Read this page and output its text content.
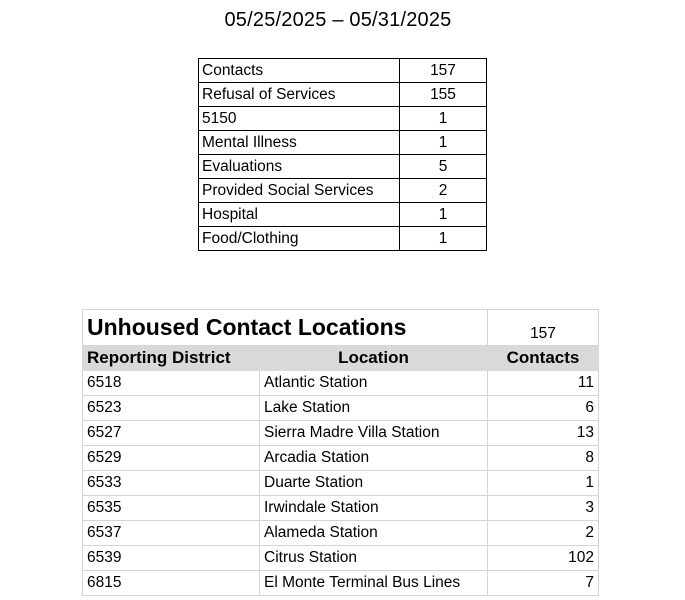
05/25/2025 – 05/31/2025
Contacts	157
Refusal of Services	155
5150	1
Mental Illness	1
Evaluations	5
Provided Social Services	2
Hospital	1
Food/Clothing	1
Unhoused Contact Locations		157
Reporting District	Location	Contacts
6518	Atlantic Station	11
6523	Lake Station	6
6527	Sierra Madre Villa Station	13
6529	Arcadia Station	8
6533	Duarte Station	1
6535	Irwindale Station	3
6537	Alameda Station	2
6539	Citrus Station	102
6815	El Monte Terminal Bus Lines	7
